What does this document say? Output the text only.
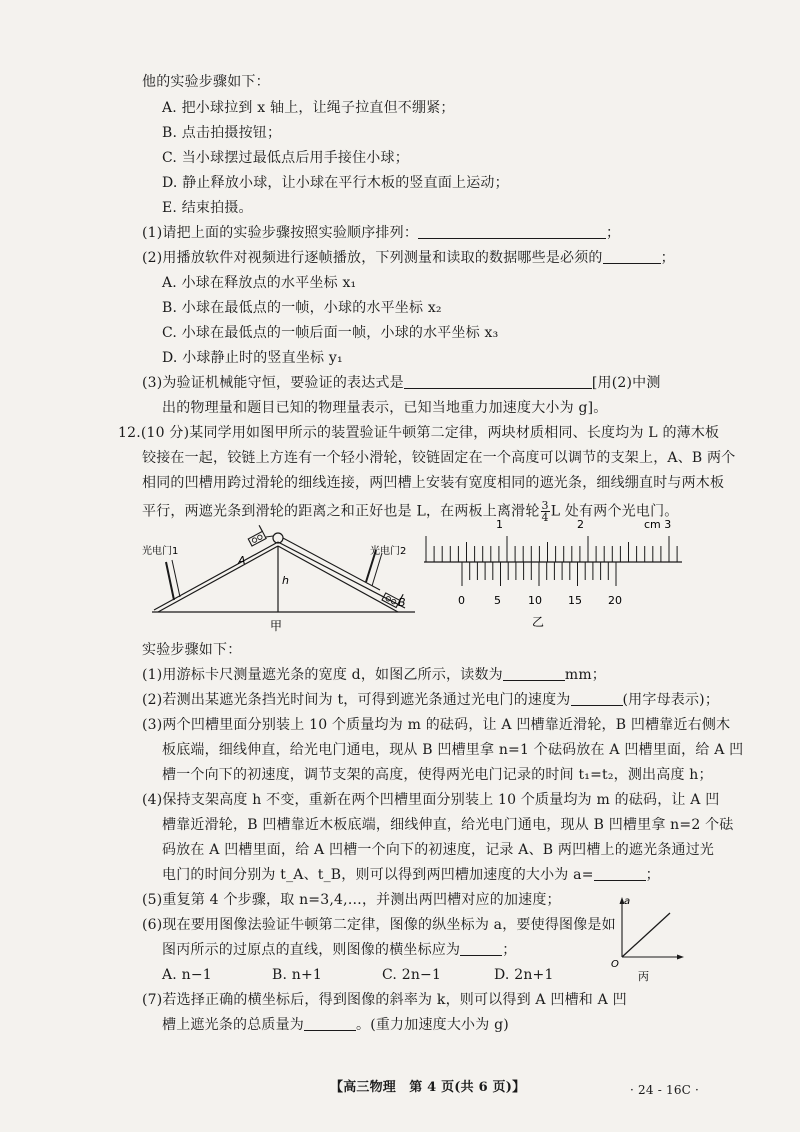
他的实验步骤如下：
A. 把小球拉到 x 轴上，让绳子拉直但不绷紧；
B. 点击拍摄按钮；
C. 当小球摆过最低点后用手接住小球；
D. 静止释放小球，让小球在平行木板的竖直面上运动；
E. 结束拍摄。
(1)请把上面的实验步骤按照实验顺序排列：	；
(2)用播放软件对视频进行逐帧播放，下列测量和读取的数据哪些是必须的	；
A. 小球在释放点的水平坐标 x₁
B. 小球在最低点的一帧，小球的水平坐标 x₂
C. 小球在最低点的一帧后面一帧，小球的水平坐标 x₃
D. 小球静止时的竖直坐标 y₁
(3)为验证机械能守恒，要验证的表达式是	[用(2)中测
出的物理量和题目已知的物理量表示，已知当地重力加速度大小为 g]。
12.(10 分)某同学用如图甲所示的装置验证牛顿第二定律，两块材质相同、长度均为 L 的薄木板
铰接在一起，铰链上方连有一个轻小滑轮，铰链固定在一个高度可以调节的支架上，A、B 两个
相同的凹槽用跨过滑轮的细线连接，两凹槽上安装有宽度相同的遮光条，细线绷直时与两木板
平行，两遮光条到滑轮的距离之和正好也是 L，在两板上离滑轮 $\frac{3}{4}$ L 处有两个光电门。
光电门1	光电门2
A
B
h
甲
1	2	cm 3
0	5 10 15 20
乙
实验步骤如下：
(1)用游标卡尺测量遮光条的宽度 d，如图乙所示，读数为	mm；
(2)若测出某遮光条挡光时间为 t，可得到遮光条通过光电门的速度为	(用字母表示)；
(3)两个凹槽里面分别装上 10 个质量均为 m 的砝码，让 A 凹槽靠近滑轮，B 凹槽靠近右侧木
板底端，细线伸直，给光电门通电，现从 B 凹槽里拿 n=1 个砝码放在 A 凹槽里面，给 A 凹
槽一个向下的初速度，调节支架的高度，使得两光电门记录的时间 t₁=t₂，测出高度 h；
(4)保持支架高度 h 不变，重新在两个凹槽里面分别装上 10 个质量均为 m 的砝码，让 A 凹
槽靠近滑轮，B 凹槽靠近木板底端，细线伸直，给光电门通电，现从 B 凹槽里拿 n=2 个砝
码放在 A 凹槽里面，给 A 凹槽一个向下的初速度，记录 A、B 两凹槽上的遮光条通过光
电门的时间分别为 t_A、t_B，则可以得到两凹槽加速度的大小为 a=	；
(5)重复第 4 个步骤，取 n=3,4,…，并测出两凹槽对应的加速度；
(6)现在要用图像法验证牛顿第二定律，图像的纵坐标为 a，要使得图像是如
图丙所示的过原点的直线，则图像的横坐标应为	；
A. n−1	B. n+1	C. 2n−1	D. 2n+1
(7)若选择正确的横坐标后，得到图像的斜率为 k，则可以得到 A 凹槽和 A 凹
槽上遮光条的总质量为	。(重力加速度大小为 g)
a
O
丙
【高三物理　第 4 页(共 6 页)】	· 24 - 16C ·
